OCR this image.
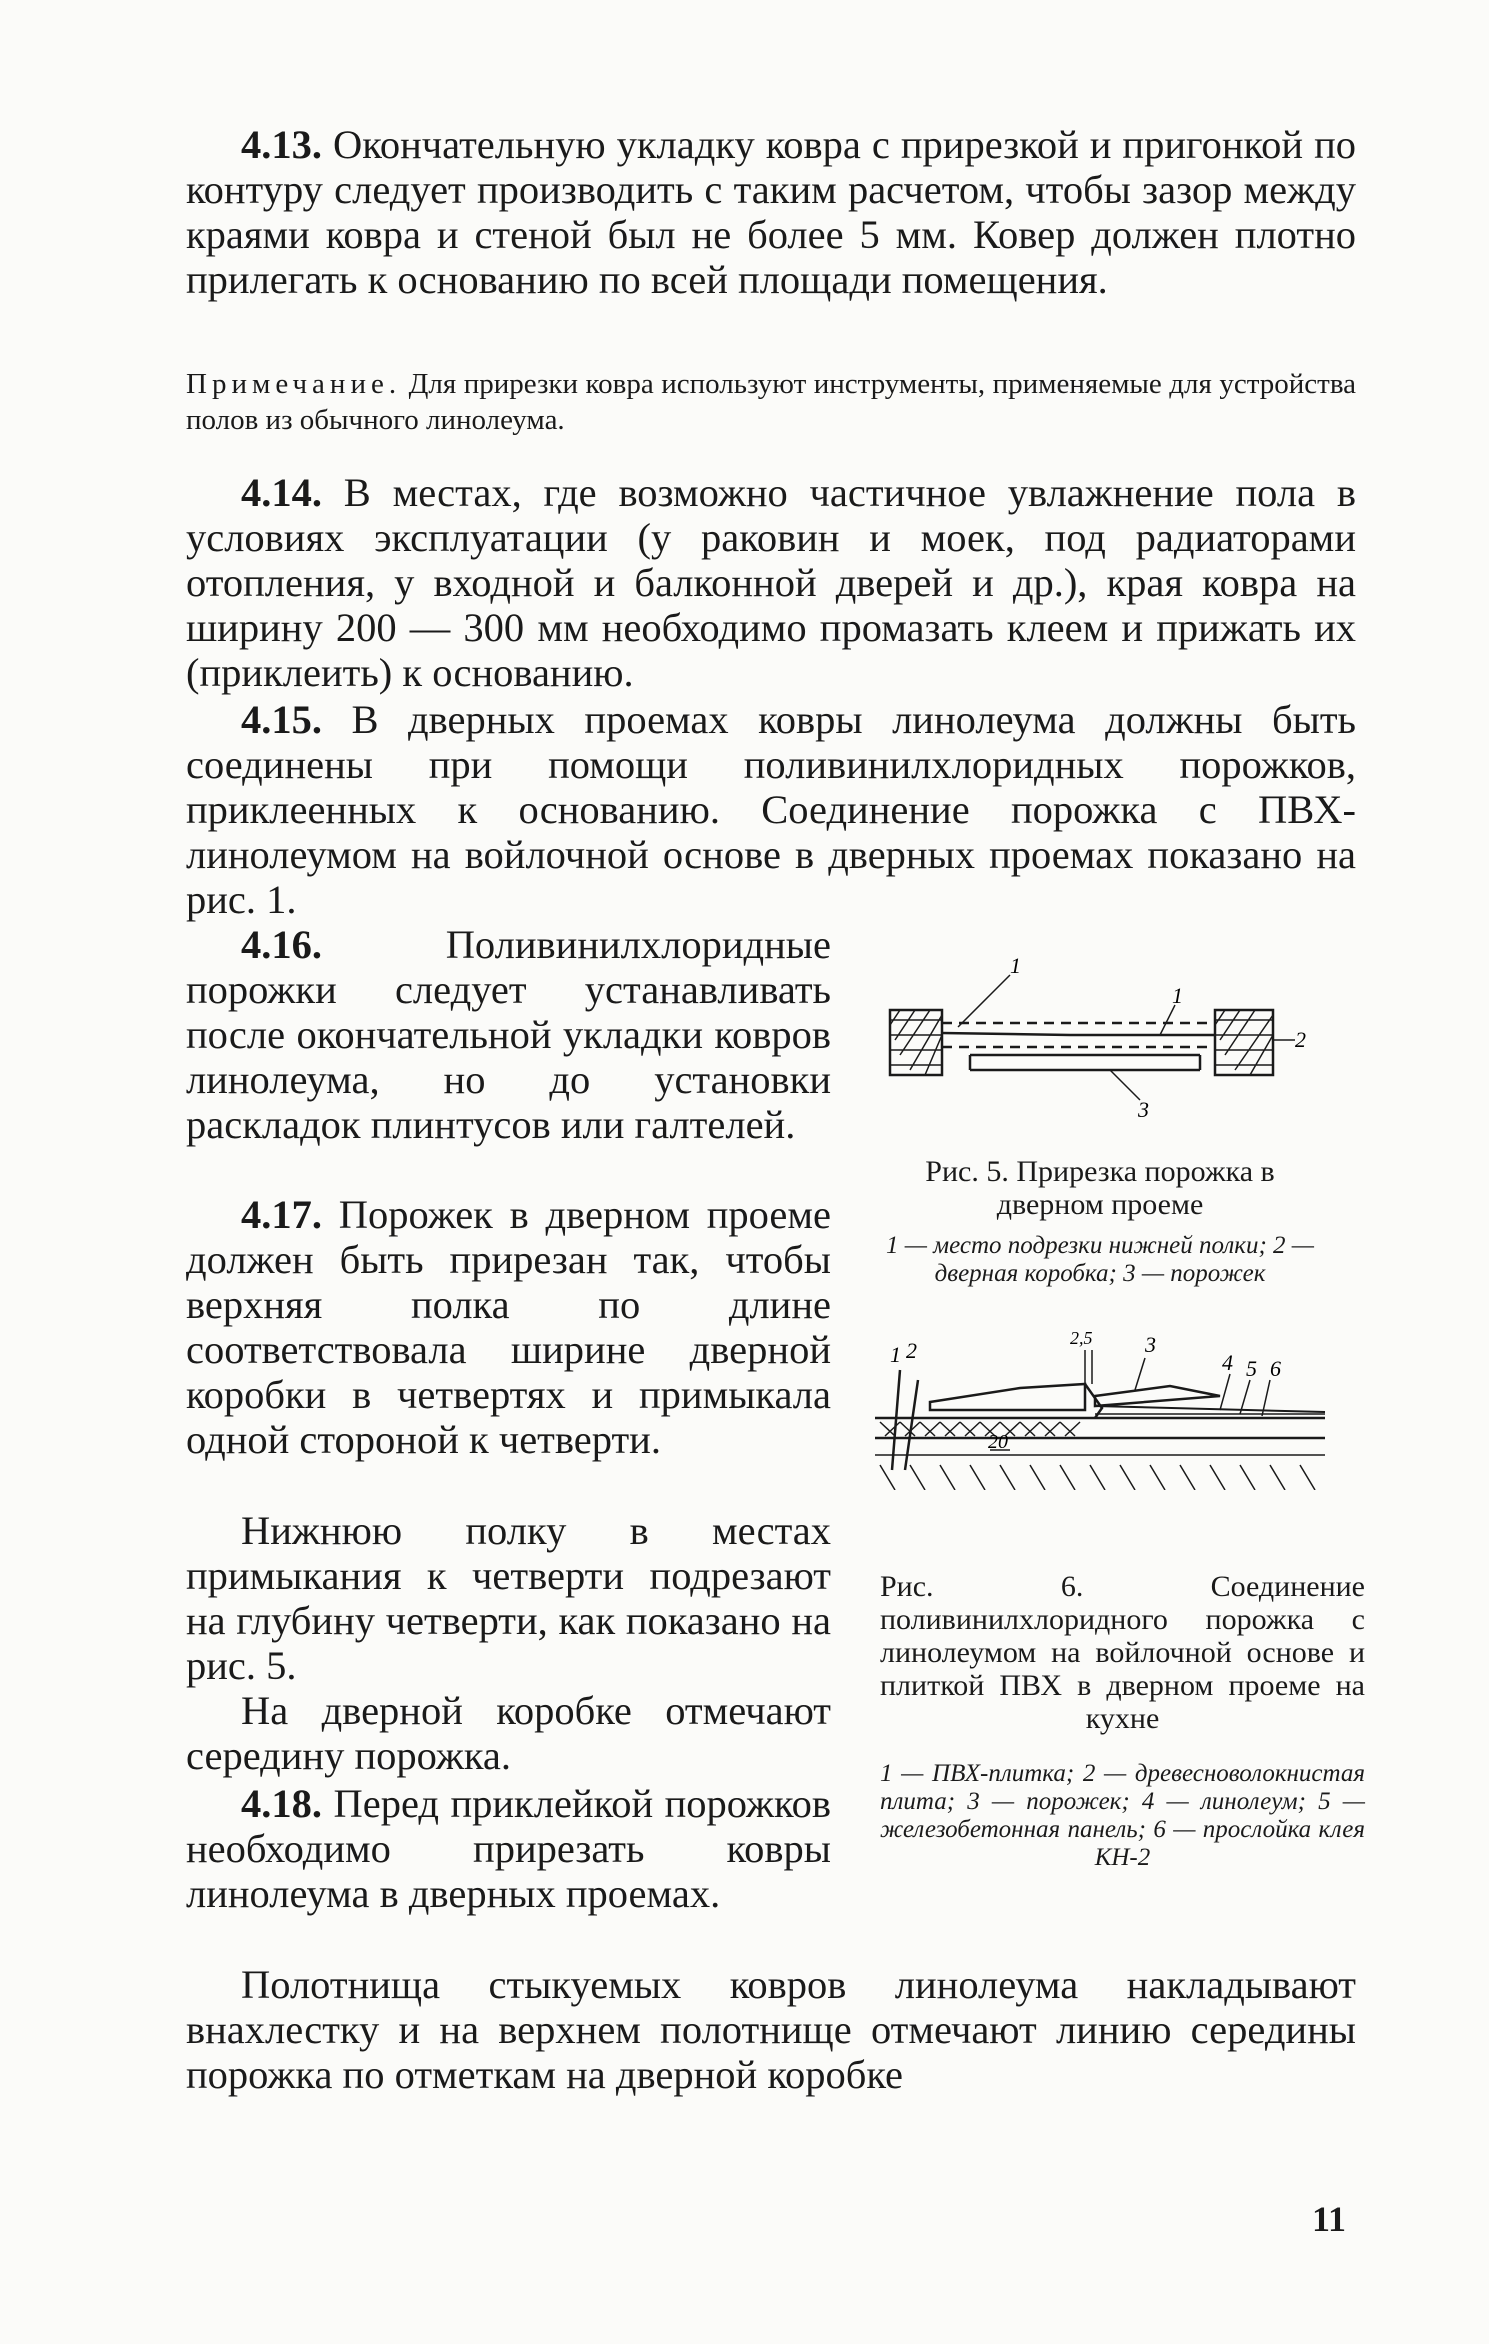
4.13. Окончательную укладку ковра с прирезкой и пригонкой по контуру следует производить с таким расчетом, чтобы зазор между краями ковра и стеной был не более 5 мм. Ковер должен плотно прилегать к основанию по всей площади помещения.
Примечание. Для прирезки ковра используют инструменты, применяемые для устройства полов из обычного линолеума.
4.14. В местах, где возможно частичное увлажнение пола в условиях эксплуатации (у раковин и моек, под радиаторами отопления, у входной и балконной дверей и др.), края ковра на ширину 200 — 300 мм необходимо промазать клеем и прижать их (приклеить) к основанию.
4.15. В дверных проемах ковры линолеума должны быть соединены при помощи поливинилхлоридных порожков, приклеенных к основанию. Соединение порожка с ПВХ-линолеумом на войлочной основе в дверных проемах показано на рис. 1.
4.16.	Поливинилхлоридные порожки следует устанавливать после окончательной укладки ковров линолеума, но до установки раскладок плинтусов или галтелей.
4.17. Порожек в дверном проеме должен быть прирезан так, чтобы верхняя полка по длине соответствовала ширине дверной коробки в четвертях и примыкала одной стороной к четверти.
Нижнюю полку в местах примыкания к четверти подрезают на глубину четверти, как показано на рис. 5.
На дверной коробке отмечают середину порожка.
4.18. Перед приклейкой порожков необходимо прирезать ковры линолеума в дверных проемах.
Полотнища стыкуемых ковров линолеума накладывают внахлестку и на верхнем полотнище отмечают линию середины порожка по отметкам на дверной коробке
1
1
2
3
Рис. 5. Прирезка порожка в дверном проеме
1 — место подрезки нижней полки; 2 — дверная коробка; 3 — порожек
1 2	2,5 3
4 5 6
20
Рис. 6. Соединение поливинилхлоридного порожка с линолеумом на войлочной основе и плиткой ПВХ в дверном проеме на кухне
1 — ПВХ-плитка; 2 — древесноволокнистая плита; 3 — порожек; 4 — линолеум; 5 — железобетонная панель; 6 — прослойка клея КН-2
11
